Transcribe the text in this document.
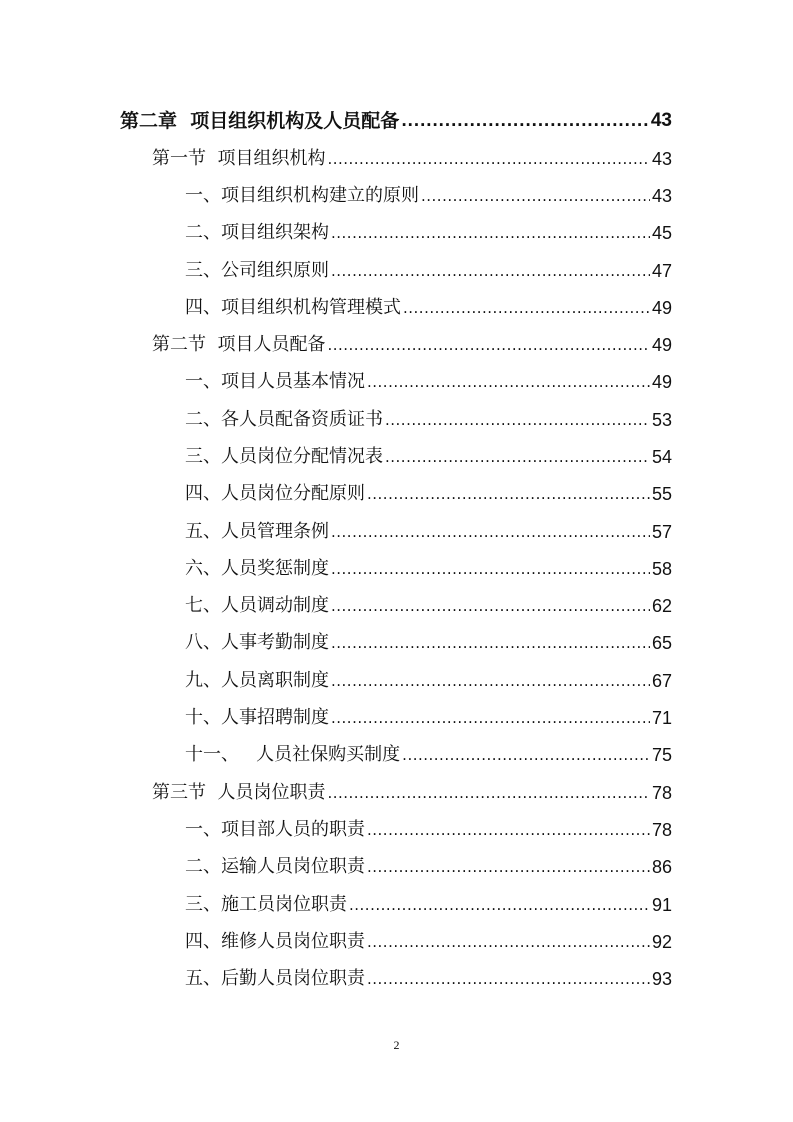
第二章  项目组织机构及人员配备 .....	43
第一节  项目组织机构 .....	43
一、项目组织机构建立的原则 .....	43
二、项目组织架构 .....	45
三、公司组织原则 .....	47
四、项目组织机构管理模式 .....	49
第二节  项目人员配备 .....	49
一、项目人员基本情况 .....	49
二、各人员配备资质证书 .....	53
三、人员岗位分配情况表 .....	54
四、人员岗位分配原则 .....	55
五、人员管理条例 .....	57
六、人员奖惩制度 .....	58
七、人员调动制度 .....	62
八、人事考勤制度 .....	65
九、人员离职制度 .....	67
十、人事招聘制度 .....	71
十一、   人员社保购买制度 .....	75
第三节  人员岗位职责 .....	78
一、项目部人员的职责 .....	78
二、运输人员岗位职责 .....	86
三、施工员岗位职责 .....	91
四、维修人员岗位职责 .....	92
五、后勤人员岗位职责 .....	93
2
